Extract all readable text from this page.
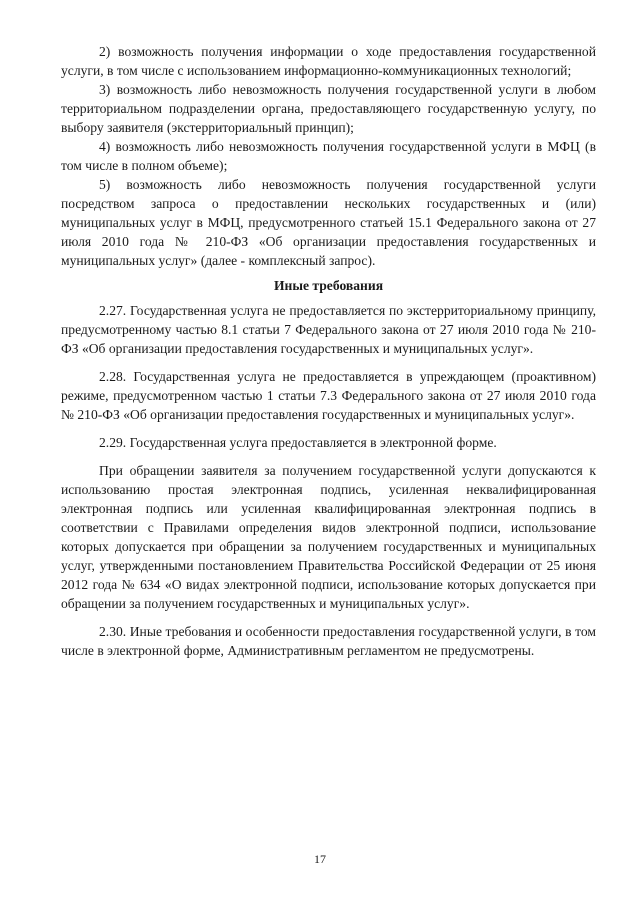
2) возможность получения информации о ходе предоставления государственной услуги, в том числе с использованием информационно-коммуникационных технологий;

3) возможность либо невозможность получения государственной услуги в любом территориальном подразделении органа, предоставляющего государственную услугу, по выбору заявителя (экстерриториальный принцип);

4) возможность либо невозможность получения государственной услуги в МФЦ (в том числе в полном объеме);

5) возможность либо невозможность получения государственной услуги посредством запроса о предоставлении нескольких государственных и (или) муниципальных услуг в МФЦ, предусмотренного статьей 15.1 Федерального закона от 27 июля 2010 года № 210-ФЗ «Об организации предоставления государственных и муниципальных услуг» (далее - комплексный запрос).

Иные требования

2.27. Государственная услуга не предоставляется по экстерриториальному принципу, предусмотренному частью 8.1 статьи 7 Федерального закона от 27 июля 2010 года № 210-ФЗ «Об организации предоставления государственных и муниципальных услуг».

2.28. Государственная услуга не предоставляется в упреждающем (проактивном) режиме, предусмотренном частью 1 статьи 7.3 Федерального закона от 27 июля 2010 года № 210-ФЗ «Об организации предоставления государственных и муниципальных услуг».

2.29. Государственная услуга предоставляется в электронной форме.

При обращении заявителя за получением государственной услуги допускаются к использованию простая электронная подпись, усиленная неквалифицированная электронная подпись или усиленная квалифицированная электронная подпись в соответствии с Правилами определения видов электронной подписи, использование которых допускается при обращении за получением государственных и муниципальных услуг, утвержденными постановлением Правительства Российской Федерации от 25 июня 2012 года № 634 «О видах электронной подписи, использование которых допускается при обращении за получением государственных и муниципальных услуг».

2.30. Иные требования и особенности предоставления государственной услуги, в том числе в электронной форме, Административным регламентом не предусмотрены.

17
